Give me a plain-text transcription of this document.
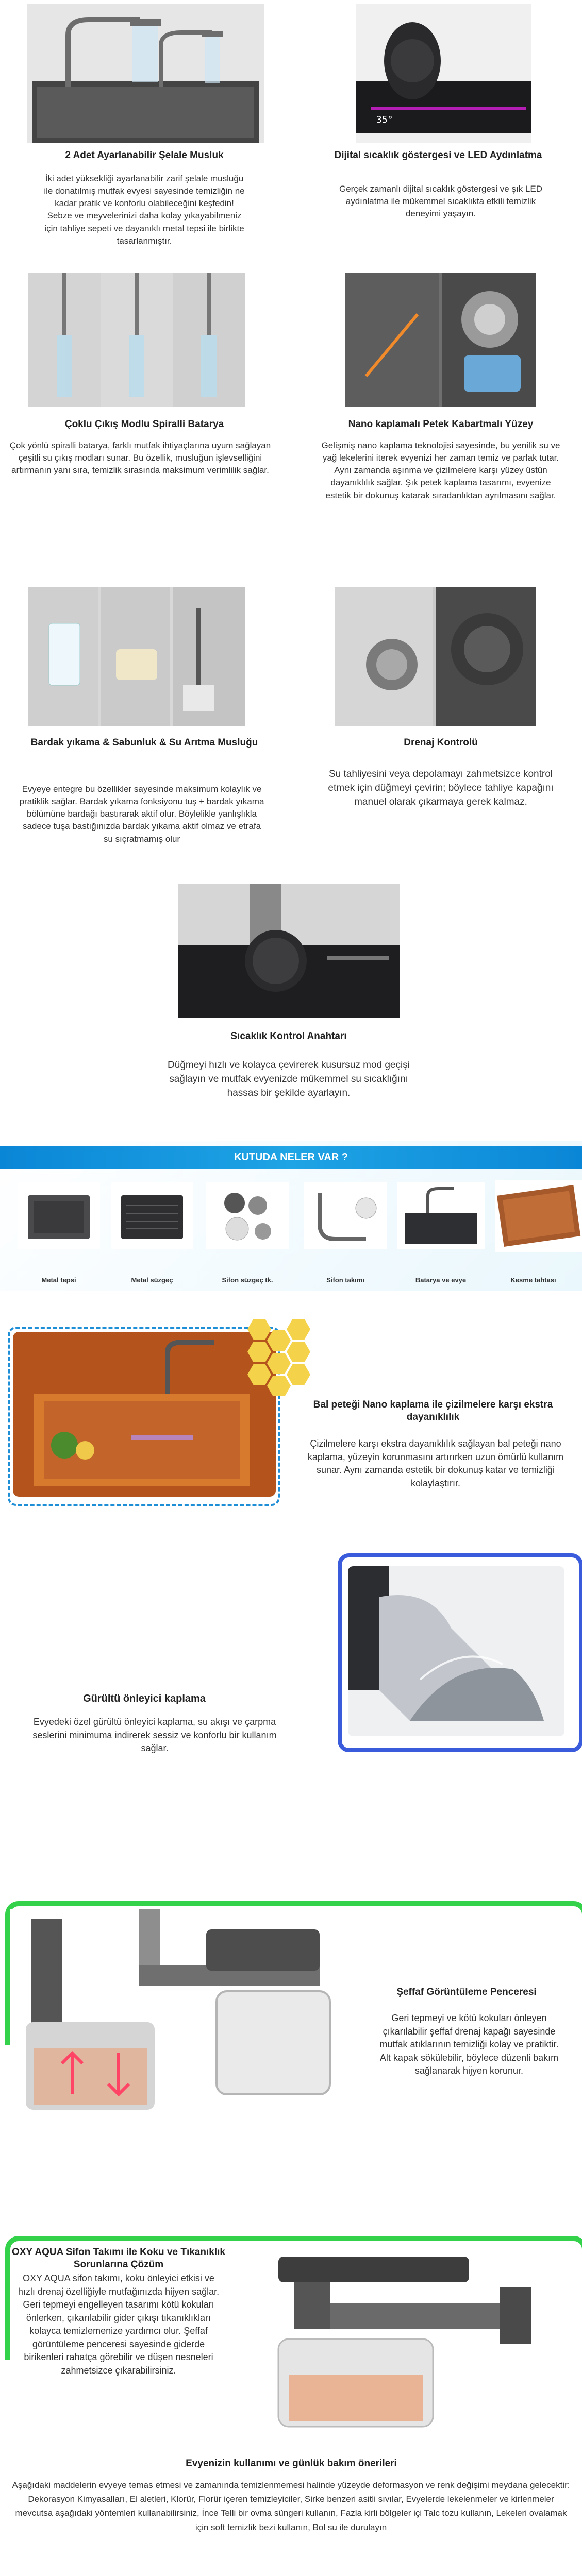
35°
2 Adet Ayarlanabilir Şelale Musluk
İki adet yüksekliği ayarlanabilir zarif şelale musluğu ile donatılmış mutfak evyesi sayesinde temizliğin ne kadar pratik ve konforlu olabileceğini keşfedin! Sebze ve meyvelerinizi daha kolay yıkayabilmeniz için tahliye sepeti ve dayanıklı metal tepsi ile birlikte tasarlanmıştır.
Dijital sıcaklık göstergesi ve LED Aydınlatma
Gerçek zamanlı dijital sıcaklık göstergesi ve şık LED aydınlatma ile mükemmel sıcaklıkta etkili temizlik deneyimi yaşayın.
Çoklu Çıkış Modlu Spiralli Batarya
Çok yönlü spiralli batarya, farklı mutfak ihtiyaçlarına uyum sağlayan çeşitli su çıkış modları sunar. Bu özellik, musluğun işlevselliğini artırmanın yanı sıra, temizlik sırasında maksimum verimlilik sağlar.
Nano kaplamalı Petek Kabartmalı Yüzey
Gelişmiş nano kaplama teknolojisi sayesinde, bu yenilik su ve yağ lekelerini iterek evyenizi her zaman temiz ve parlak tutar. Aynı zamanda aşınma ve çizilmelere karşı yüzey üstün dayanıklılık sağlar. Şık petek kaplama tasarımı, evyenize estetik bir dokunuş katarak sıradanlıktan ayrılmasını sağlar.
Bardak yıkama & Sabunluk & Su Arıtma Musluğu
Evyeye entegre bu özellikler sayesinde maksimum kolaylık ve pratiklik sağlar. Bardak yıkama fonksiyonu tuş + bardak yıkama bölümüne bardağı bastırarak aktif olur. Böylelikle yanlışlıkla sadece tuşa bastığınızda bardak yıkama aktif olmaz ve etrafa su sıçratmamış olur
Drenaj Kontrolü
Su tahliyesini veya depolamayı zahmetsizce kontrol etmek için düğmeyi çevirin; böylece tahliye kapağını manuel olarak çıkarmaya gerek kalmaz.
Sıcaklık Kontrol Anahtarı
Düğmeyi hızlı ve kolayca çevirerek kusursuz mod geçişi sağlayın ve mutfak evyenizde mükemmel su sıcaklığını hassas bir şekilde ayarlayın.
KUTUDA NELER VAR ?
Metal tepsi	Metal süzgeç	Sifon süzgeç tk.	Sifon takımı	Batarya ve evye	Kesme tahtası
Bal peteği Nano kaplama ile çizilmelere karşı ekstra dayanıklılık
Çizilmelere karşı ekstra dayanıklılık sağlayan bal peteği nano kaplama, yüzeyin korunmasını artırırken uzun ömürlü kullanım sunar. Aynı zamanda estetik bir dokunuş katar ve temizliği kolaylaştırır.
Gürültü önleyici kaplama
Evyedeki özel gürültü önleyici kaplama, su akışı ve çarpma seslerini minimuma indirerek sessiz ve konforlu bir kullanım sağlar.
Şeffaf Görüntüleme Penceresi
Geri tepmeyi ve kötü kokuları önleyen çıkarılabilir şeffaf drenaj kapağı sayesinde mutfak atıklarının temizliği kolay ve pratiktir. Alt kapak sökülebilir, böylece düzenli bakım sağlanarak hijyen korunur.
OXY AQUA Sifon Takımı ile Koku ve Tıkanıklık Sorunlarına Çözüm
OXY AQUA sifon takımı, koku önleyici etkisi ve hızlı drenaj özelliğiyle mutfağınızda hijyen sağlar. Geri tepmeyi engelleyen tasarımı kötü kokuları önlerken, çıkarılabilir gider çıkışı tıkanıklıkları kolayca temizlemenize yardımcı olur. Şeffaf görüntüleme penceresi sayesinde giderde birikenleri rahatça görebilir ve düşen nesneleri zahmetsizce çıkarabilirsiniz.
Evyenizin kullanımı ve günlük bakım önerileri
Aşağıdaki maddelerin evyeye temas etmesi ve zamanında temizlenmemesi halinde yüzeyde deformasyon ve renk değişimi meydana gelecektir: Dekorasyon Kimyasalları, El aletleri, Klorür, Florür içeren temizleyiciler, Sirke benzeri asitli sıvılar, Evyelerde lekelenmeler ve kirlenmeler mevcutsa aşağıdaki yöntemleri kullanabilirsiniz, İnce Telli bir ovma süngeri kullanın, Fazla kirli bölgeler içi Talc tozu kullanın, Lekeleri ovalamak için soft temizlik bezi kullanın, Bol su ile durulayın
